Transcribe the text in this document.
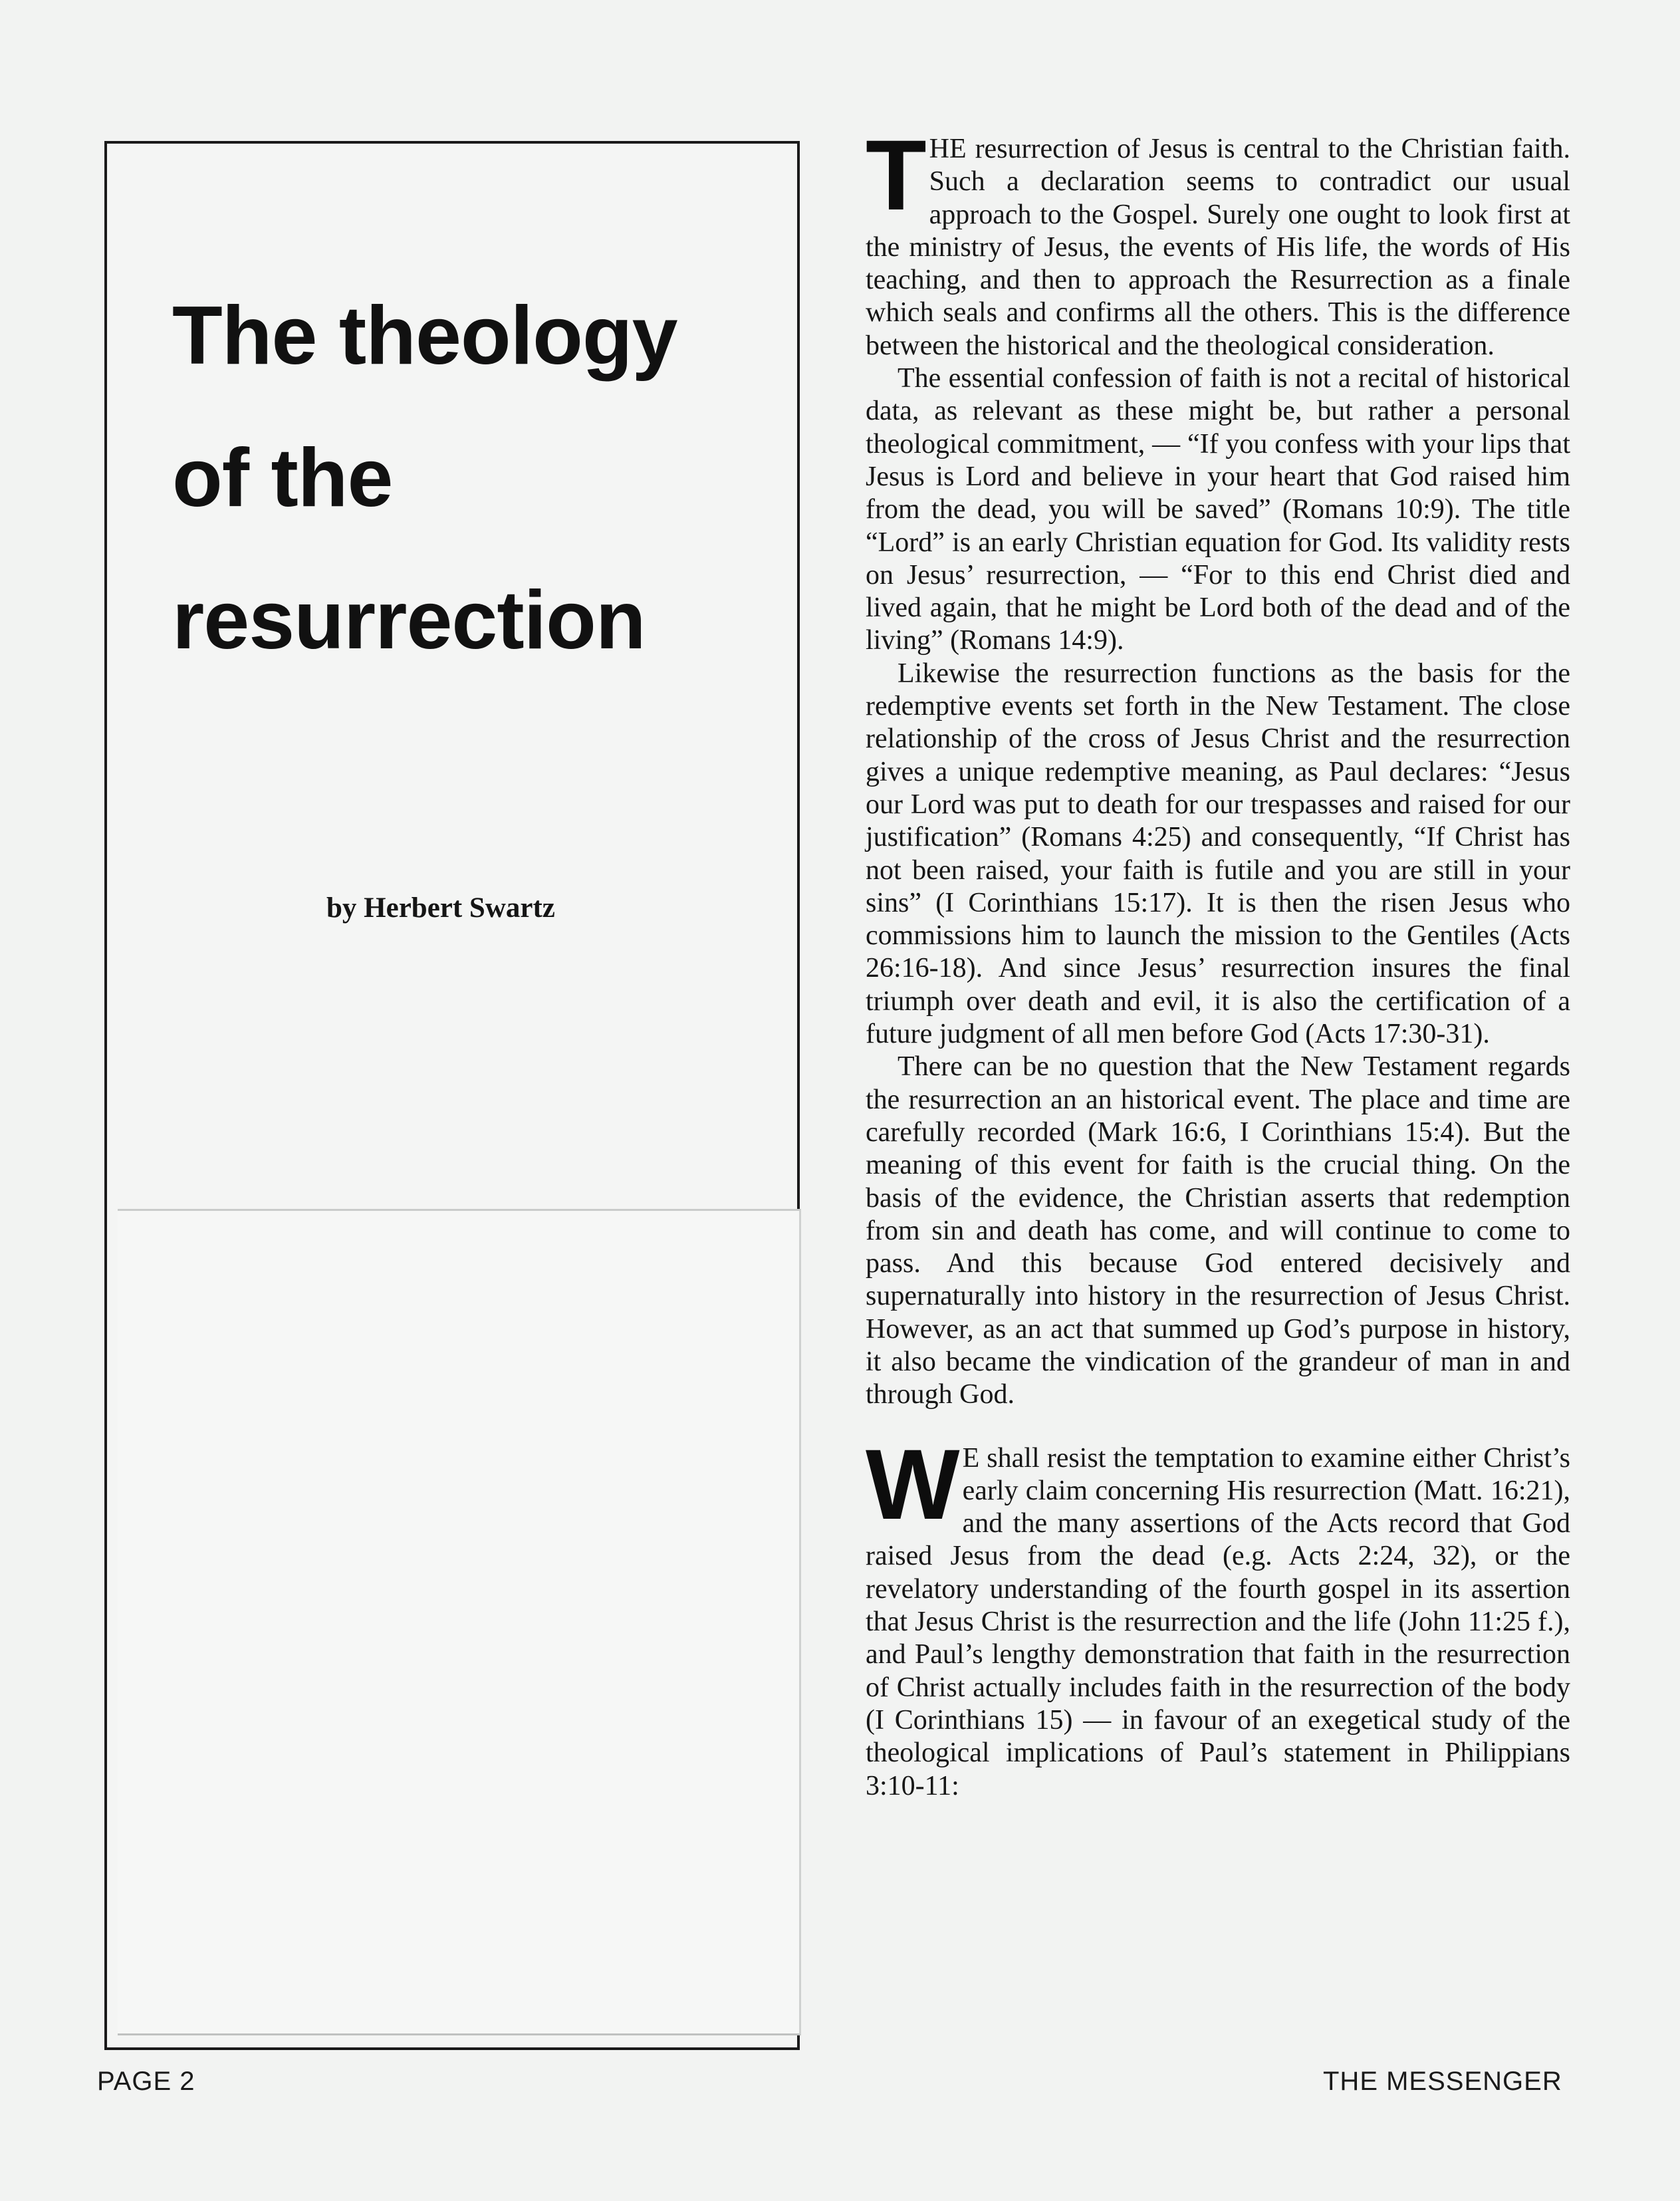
The theology
of the
resurrection

by Herbert Swartz

THE resurrection of Jesus is central to the Christian faith. Such a declaration seems to contradict our usual approach to the Gospel. Surely one ought to look first at the ministry of Jesus, the events of His life, the words of His teaching, and then to approach the Resurrection as a finale which seals and confirms all the others. This is the difference between the historical and the theological consideration.

The essential confession of faith is not a recital of historical data, as relevant as these might be, but rather a personal theological commitment, — “If you confess with your lips that Jesus is Lord and believe in your heart that God raised him from the dead, you will be saved” (Romans 10:9). The title “Lord” is an early Christian equation for God. Its validity rests on Jesus’ resurrection, — “For to this end Christ died and lived again, that he might be Lord both of the dead and of the living” (Romans 14:9).

Likewise the resurrection functions as the basis for the redemptive events set forth in the New Testament. The close relationship of the cross of Jesus Christ and the resurrection gives a unique redemptive meaning, as Paul declares: “Jesus our Lord was put to death for our trespasses and raised for our justification” (Romans 4:25) and consequently, “If Christ has not been raised, your faith is futile and you are still in your sins” (I Corinthians 15:17). It is then the risen Jesus who commissions him to launch the mission to the Gentiles (Acts 26:16-18). And since Jesus’ resurrection insures the final triumph over death and evil, it is also the certification of a future judgment of all men before God (Acts 17:30-31).

There can be no question that the New Testament regards the resurrection an an historical event. The place and time are carefully recorded (Mark 16:6, I Corinthians 15:4). But the meaning of this event for faith is the crucial thing. On the basis of the evidence, the Christian asserts that redemption from sin and death has come, and will continue to come to pass. And this because God entered decisively and supernaturally into history in the resurrection of Jesus Christ. However, as an act that summed up God’s purpose in history, it also became the vindication of the grandeur of man in and through God.

W E shall resist the temptation to examine either Christ’s early claim concerning His resurrection (Matt. 16:21), and the many assertions of the Acts record that God raised Jesus from the dead (e.g. Acts 2:24, 32), or the revelatory understanding of the fourth gospel in its assertion that Jesus Christ is the resurrection and the life (John 11:25 f.), and Paul’s lengthy demonstration that faith in the resurrection of Christ actually includes faith in the resurrection of the body (I Corinthians 15) — in favour of an exegetical study of the theological implications of Paul’s statement in Philippians 3:10-11:

PAGE 2	THE MESSENGER
